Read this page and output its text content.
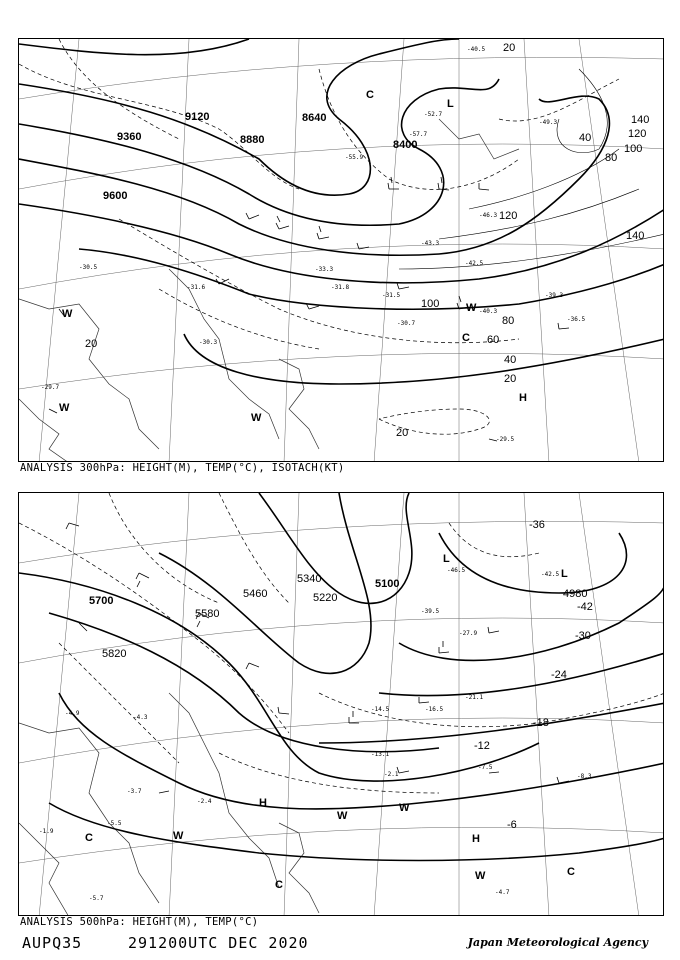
9360
9120
8880
8640
8400
9600
140
120
100
80
60
40
20
20
20
20
40
80
120
100
140
-40.5
-52.7
-57.7
-55.9
-49.3
-43.3
-42.5
-40.3
-31.6
-31.5
-30.5
-29.7
-29.5
-30.7
-31.8
-33.3
-39.3
-46.3
-36.5
-30.3
L
H
C
W
W
W
C
W
ANALYSIS 300hPa: HEIGHT(M), TEMP(°C), ISOTACH(KT)
5700
5820
5580
5460
5340
5220
5100
4980
-6
-12
-18
-24
-30
-36
-42
-46.5
-42.5
-39.5
-27.9
-21.1
-16.5
-14.5
-13.1
-7.5
-8.3
-4.7
-5.7
-2.4
-3.7
-4.9
-4.3
-1.9
-5.5
-2.1
L
L
H
H
W
W
W
W
C
C
C
ANALYSIS 500hPa: HEIGHT(M), TEMP(°C)
AUPQ35	291200UTC DEC 2020	Japan Meteorological Agency
